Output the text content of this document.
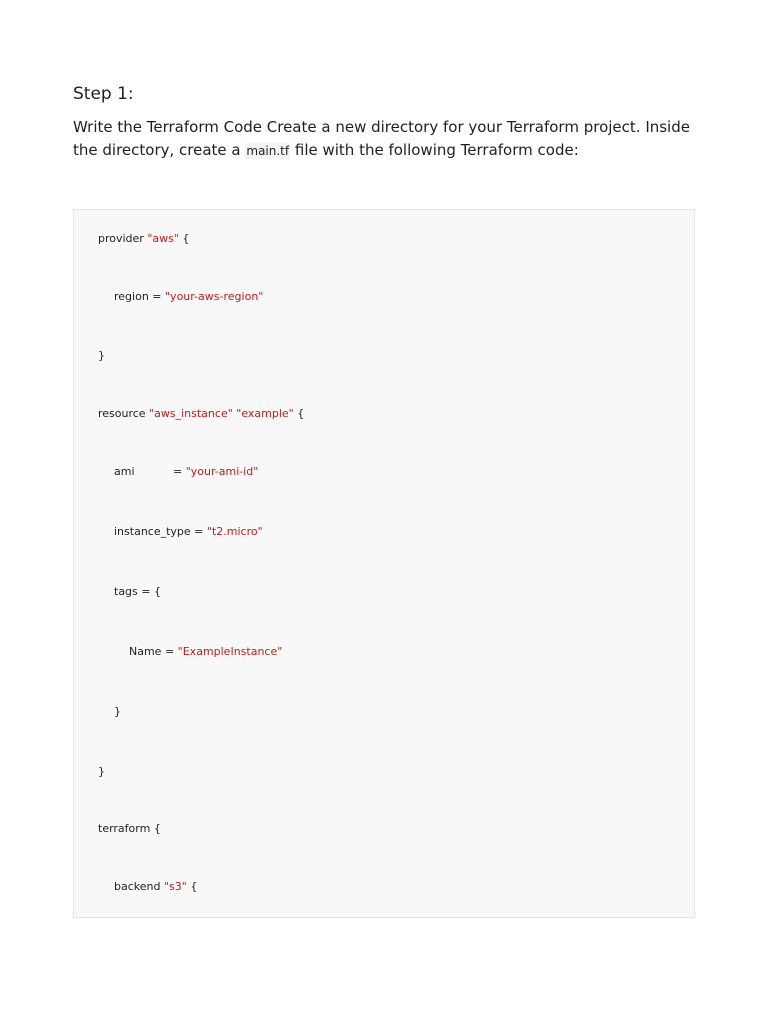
Step 1:

Write the Terraform Code Create a new directory for your Terraform project. Inside the directory, create a main.tf file with the following Terraform code:

provider "aws" {
region = "your-aws-region"
}
resource "aws_instance" "example" {
ami           = "your-ami-id"
instance_type = "t2.micro"
tags = {
Name = "ExampleInstance"
}
}
terraform {
backend "s3" {
